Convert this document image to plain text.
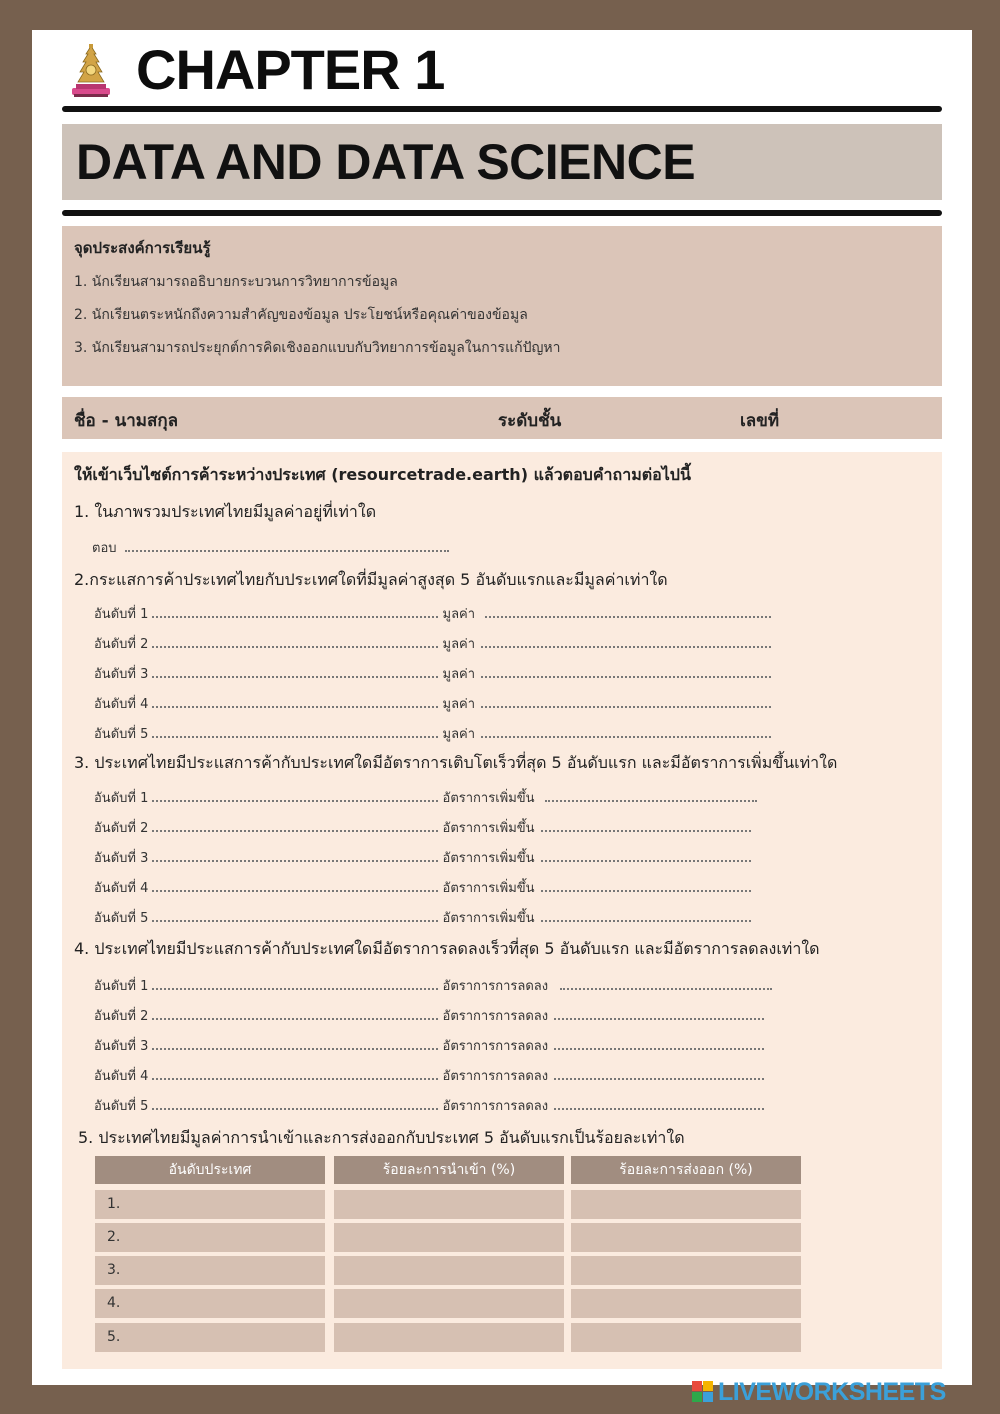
CHAPTER 1
DATA AND DATA SCIENCE
จุดประสงค์การเรียนรู้
1. นักเรียนสามารถอธิบายกระบวนการวิทยาการข้อมูล
2. นักเรียนตระหนักถึงความสำคัญของข้อมูล ประโยชน์หรือคุณค่าของข้อมูล
3. นักเรียนสามารถประยุกต์การคิดเชิงออกแบบกับวิทยาการข้อมูลในการแก้ปัญหา
ชื่อ - นามสกุล	ระดับชั้น	เลขที่
ให้เข้าเว็บไซต์การค้าระหว่างประเทศ (resourcetrade.earth) แล้วตอบคำถามต่อไปนี้
1. ในภาพรวมประเทศไทยมีมูลค่าอยู่ที่เท่าใด
ตอบ
2.กระแสการค้าประเทศไทยกับประเทศใดที่มีมูลค่าสูงสุด 5 อันดับแรกและมีมูลค่าเท่าใด
อันดับที่ 1	มูลค่า
อันดับที่ 2	มูลค่า
อันดับที่ 3	มูลค่า
อันดับที่ 4	มูลค่า
อันดับที่ 5	มูลค่า
3. ประเทศไทยมีประแสการค้ากับประเทศใดมีอัตราการเติบโตเร็วที่สุด 5 อันดับแรก และมีอัตราการเพิ่มขึ้นเท่าใด
อันดับที่ 1	อัตราการเพิ่มขึ้น
อันดับที่ 2	อัตราการเพิ่มขึ้น
อันดับที่ 3	อัตราการเพิ่มขึ้น
อันดับที่ 4	อัตราการเพิ่มขึ้น
อันดับที่ 5	อัตราการเพิ่มขึ้น
4. ประเทศไทยมีประแสการค้ากับประเทศใดมีอัตราการลดลงเร็วที่สุด 5 อันดับแรก และมีอัตราการลดลงเท่าใด
อันดับที่ 1	อัตราการการลดลง
อันดับที่ 2	อัตราการการลดลง
อันดับที่ 3	อัตราการการลดลง
อันดับที่ 4	อัตราการการลดลง
อันดับที่ 5	อัตราการการลดลง
5. ประเทศไทยมีมูลค่าการนำเข้าและการส่งออกกับประเทศ 5 อันดับแรกเป็นร้อยละเท่าใด
อันดับประเทศ	ร้อยละการนำเข้า (%)	ร้อยละการส่งออก (%)
1.
2.
3.
4.
5.
LIVEWORKSHEETS
